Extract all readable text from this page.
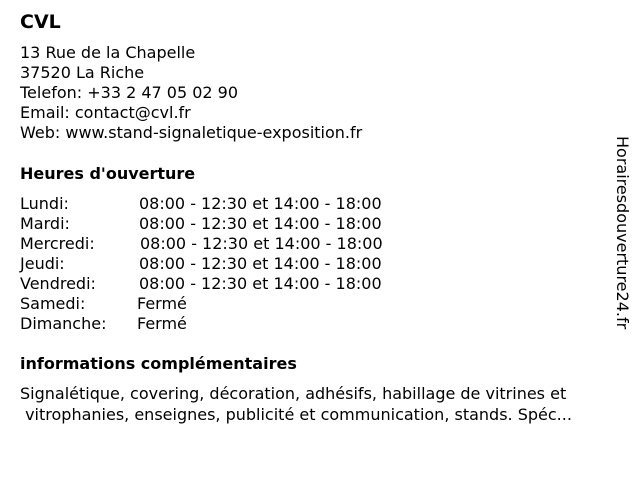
CVL
13 Rue de la Chapelle
37520 La Riche
Telefon: +33 2 47 05 02 90
Email: contact@cvl.fr
Web: www.stand-signaletique-exposition.fr
Heures d'ouverture
Lundi:	08:00 - 12:30 et 14:00 - 18:00
Mardi:	08:00 - 12:30 et 14:00 - 18:00
Mercredi:	08:00 - 12:30 et 14:00 - 18:00
Jeudi:	08:00 - 12:30 et 14:00 - 18:00
Vendredi:	08:00 - 12:30 et 14:00 - 18:00
Samedi:	Fermé
Dimanche: Fermé
informations complémentaires
Signalétique, covering, décoration, adhésifs, habillage de vitrines et
vitrophanies, enseignes, publicité et communication, stands. Spéc...
Horairesdouverture24.fr
